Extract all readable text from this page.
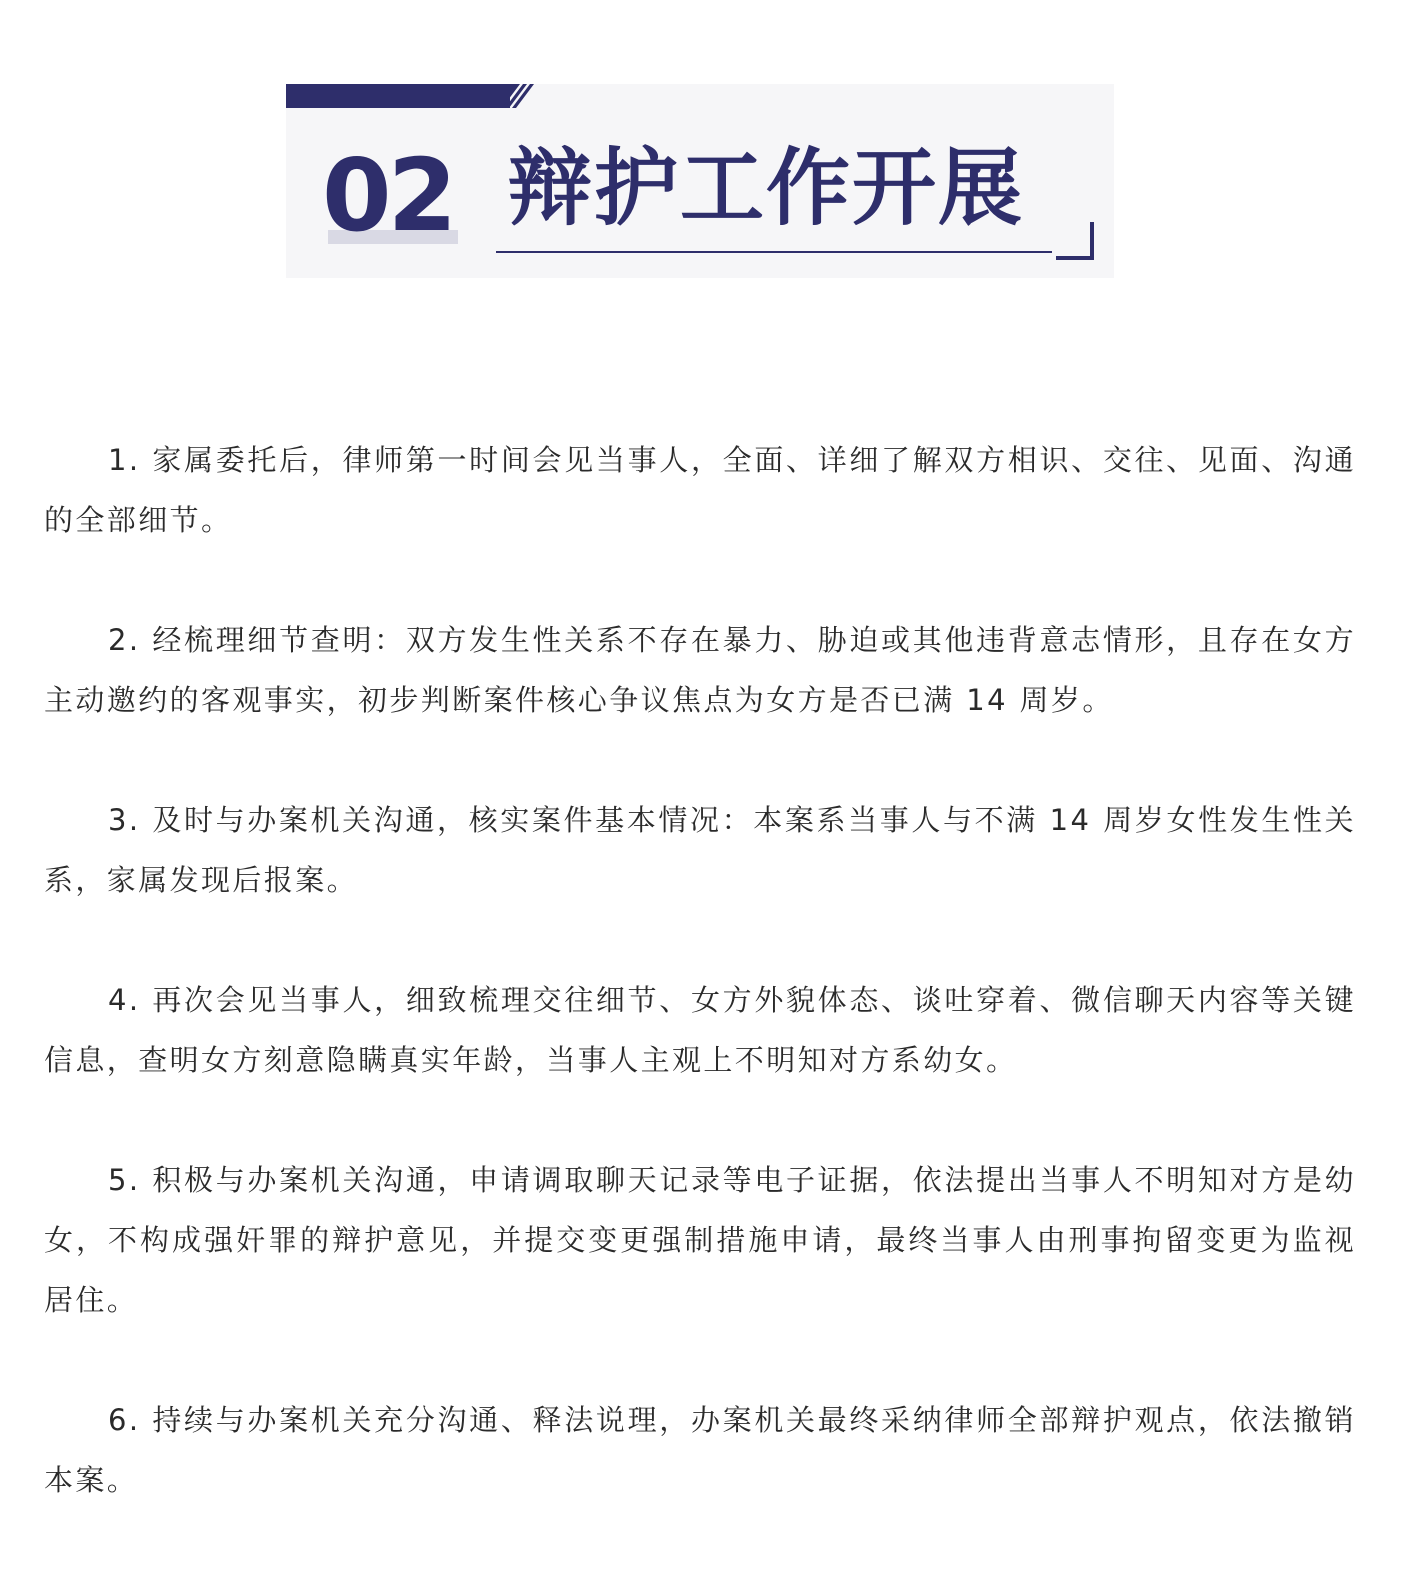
02 辩护工作开展

1. 家属委托后，律师第一时间会见当事人，全面、详细了解双方相识、交往、见面、沟通的全部细节。

2. 经梳理细节查明：双方发生性关系不存在暴力、胁迫或其他违背意志情形，且存在女方主动邀约的客观事实，初步判断案件核心争议焦点为女方是否已满 14 周岁。

3. 及时与办案机关沟通，核实案件基本情况：本案系当事人与不满 14 周岁女性发生性关系，家属发现后报案。

4. 再次会见当事人，细致梳理交往细节、女方外貌体态、谈吐穿着、微信聊天内容等关键信息，查明女方刻意隐瞒真实年龄，当事人主观上不明知对方系幼女。

5. 积极与办案机关沟通，申请调取聊天记录等电子证据，依法提出当事人不明知对方是幼女，不构成强奸罪的辩护意见，并提交变更强制措施申请，最终当事人由刑事拘留变更为监视居住。

6. 持续与办案机关充分沟通、释法说理，办案机关最终采纳律师全部辩护观点，依法撤销本案。
